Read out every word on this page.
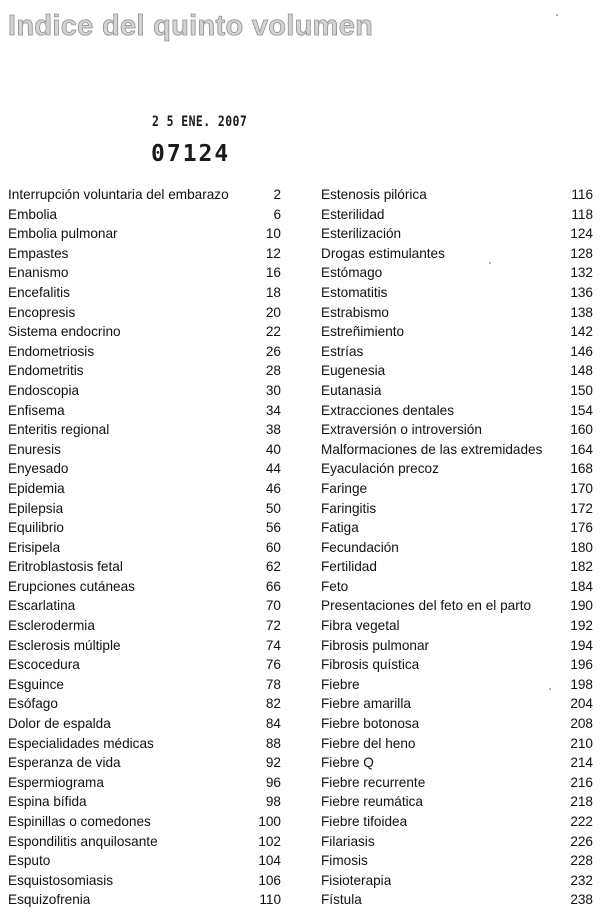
Indice del quinto volumen
2 5 ENE. 2007
07124
Interrupción voluntaria del embarazo	2
Embolia	6
Embolia pulmonar	10
Empastes	12
Enanismo	16
Encefalitis	18
Encopresis	20
Sistema endocrino	22
Endometriosis	26
Endometritis	28
Endoscopia	30
Enfisema	34
Enteritis regional	38
Enuresis	40
Enyesado	44
Epidemia	46
Epilepsia	50
Equilibrio	56
Erisipela	60
Eritroblastosis fetal	62
Erupciones cutáneas	66
Escarlatina	70
Esclerodermia	72
Esclerosis múltiple	74
Escocedura	76
Esguince	78
Esófago	82
Dolor de espalda	84
Especialidades médicas	88
Esperanza de vida	92
Espermiograma	96
Espina bífida	98
Espinillas o comedones	100
Espondilitis anquilosante	102
Esputo	104
Esquistosomiasis	106
Esquizofrenia	110
Estenosis pilórica	116
Esterilidad	118
Esterilización	124
Drogas estimulantes	128
Estómago	132
Estomatitis	136
Estrabismo	138
Estreñimiento	142
Estrías	146
Eugenesia	148
Eutanasia	150
Extracciones dentales	154
Extraversión o introversión	160
Malformaciones de las extremidades	164
Eyaculación precoz	168
Faringe	170
Faringitis	172
Fatiga	176
Fecundación	180
Fertilidad	182
Feto	184
Presentaciones del feto en el parto	190
Fibra vegetal	192
Fibrosis pulmonar	194
Fibrosis quística	196
Fiebre	198
Fiebre amarilla	204
Fiebre botonosa	208
Fiebre del heno	210
Fiebre Q	214
Fiebre recurrente	216
Fiebre reumática	218
Fiebre tifoidea	222
Filariasis	226
Fimosis	228
Fisioterapia	232
Fístula	238
